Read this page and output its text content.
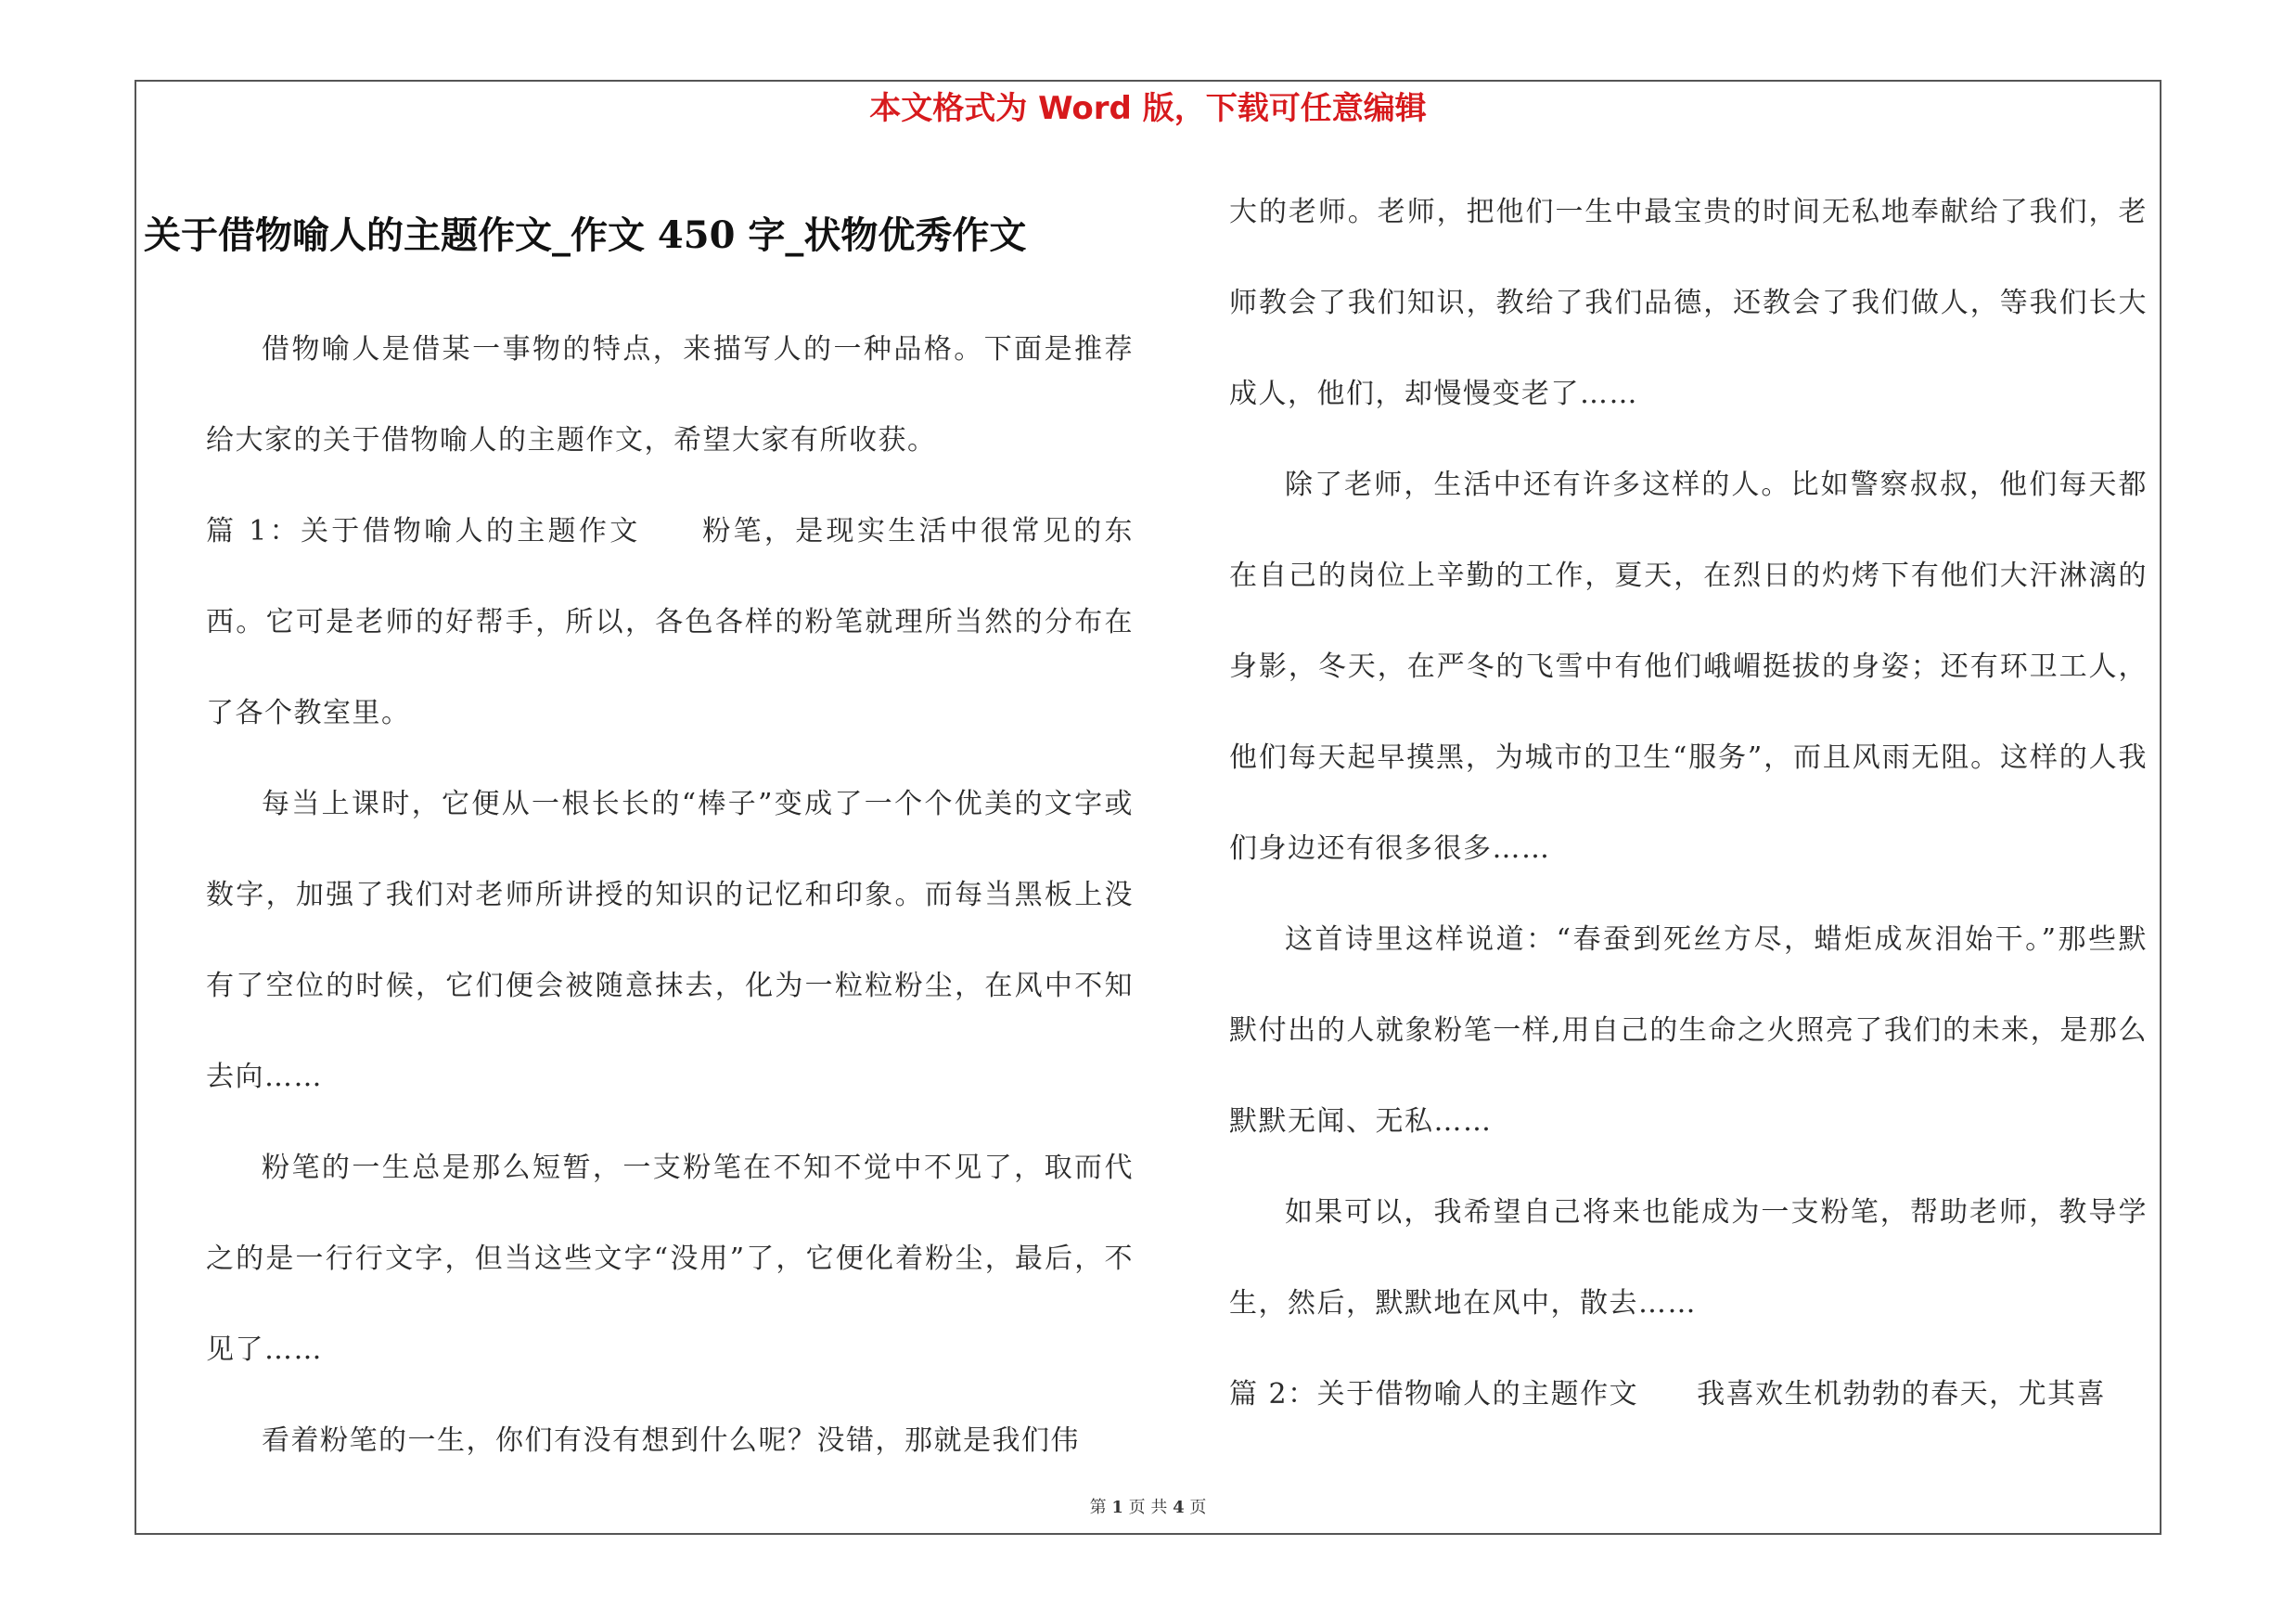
本文格式为 Word 版，下载可任意编辑
关于借物喻人的主题作文_作文 450 字_状物优秀作文

借物喻人是借某一事物的特点，来描写人的一种品格。下面是推荐给大家的关于借物喻人的主题作文，希望大家有所收获。

篇 1：关于借物喻人的主题作文　　粉笔，是现实生活中很常见的东西。它可是老师的好帮手，所以，各色各样的粉笔就理所当然的分布在了各个教室里。

每当上课时，它便从一根长长的“棒子”变成了一个个优美的文字或数字，加强了我们对老师所讲授的知识的记忆和印象。而每当黑板上没有了空位的时候，它们便会被随意抹去，化为一粒粒粉尘，在风中不知去向……

粉笔的一生总是那么短暂，一支粉笔在不知不觉中不见了，取而代之的是一行行文字，但当这些文字“没用”了，它便化着粉尘，最后，不见了……

看着粉笔的一生，你们有没有想到什么呢？没错，那就是我们伟

大的老师。老师，把他们一生中最宝贵的时间无私地奉献给了我们，老师教会了我们知识，教给了我们品德，还教会了我们做人，等我们长大成人，他们，却慢慢变老了……

除了老师，生活中还有许多这样的人。比如警察叔叔，他们每天都在自己的岗位上辛勤的工作，夏天，在烈日的灼烤下有他们大汗淋漓的身影，冬天，在严冬的飞雪中有他们峨嵋挺拔的身姿；还有环卫工人，他们每天起早摸黑，为城市的卫生“服务”，而且风雨无阻。这样的人我们身边还有很多很多……

这首诗里这样说道：“春蚕到死丝方尽，蜡炬成灰泪始干。”那些默默付出的人就象粉笔一样,用自己的生命之火照亮了我们的未来，是那么默默无闻、无私……

如果可以，我希望自己将来也能成为一支粉笔，帮助老师，教导学生，然后，默默地在风中，散去……

篇 2：关于借物喻人的主题作文　　我喜欢生机勃勃的春天，尤其喜

第 1 页 共 4 页
